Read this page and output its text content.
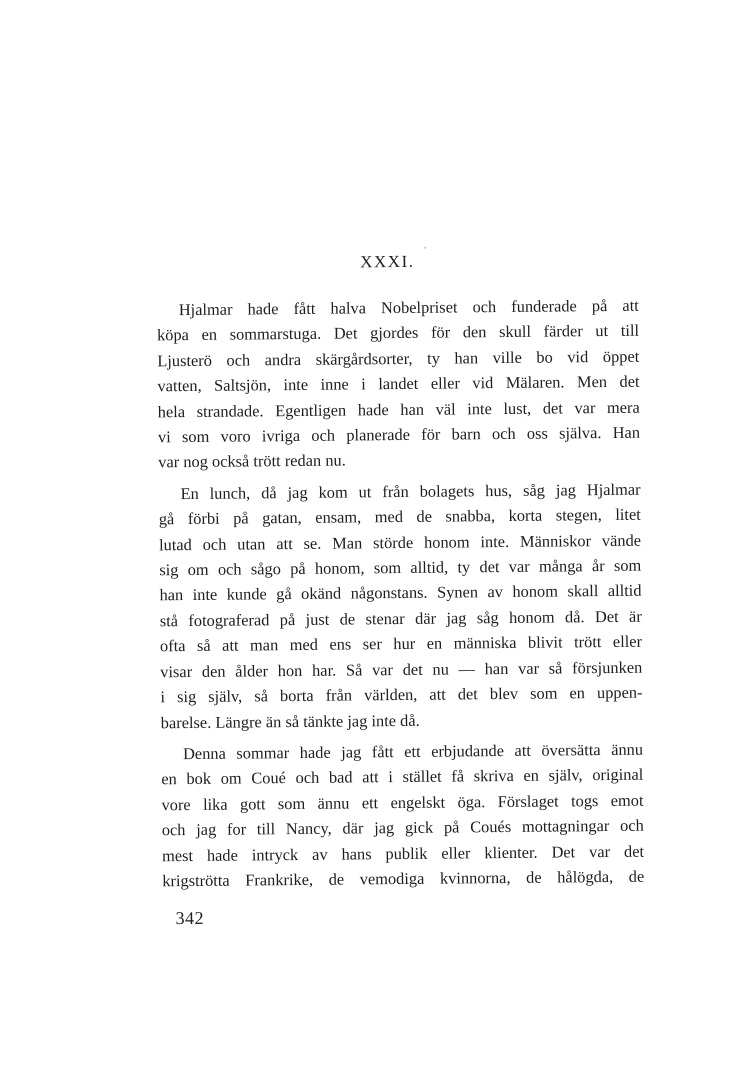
XXXI.

Hjalmar hade fått halva Nobelpriset och funderade på att
köpa en sommarstuga. Det gjordes för den skull färder ut till
Ljusterö och andra skärgårdsorter, ty han ville bo vid öppet
vatten, Saltsjön, inte inne i landet eller vid Mälaren. Men det
hela strandade. Egentligen hade han väl inte lust, det var mera
vi som voro ivriga och planerade för barn och oss själva. Han
var nog också trött redan nu.

En lunch, då jag kom ut från bolagets hus, såg jag Hjalmar
gå förbi på gatan, ensam, med de snabba, korta stegen, litet
lutad och utan att se. Man störde honom inte. Människor vände
sig om och sågo på honom, som alltid, ty det var många år som
han inte kunde gå okänd någonstans. Synen av honom skall alltid
stå fotograferad på just de stenar där jag såg honom då. Det är
ofta så att man med ens ser hur en människa blivit trött eller
visar den ålder hon har. Så var det nu — han var så försjunken
i sig själv, så borta från världen, att det blev som en uppen-
barelse. Längre än så tänkte jag inte då.

Denna sommar hade jag fått ett erbjudande att översätta ännu
en bok om Coué och bad att i stället få skriva en själv, original
vore lika gott som ännu ett engelskt öga. Förslaget togs emot
och jag for till Nancy, där jag gick på Coués mottagningar och
mest hade intryck av hans publik eller klienter. Det var det
krigströtta Frankrike, de vemodiga kvinnorna, de hålögda, de

342
